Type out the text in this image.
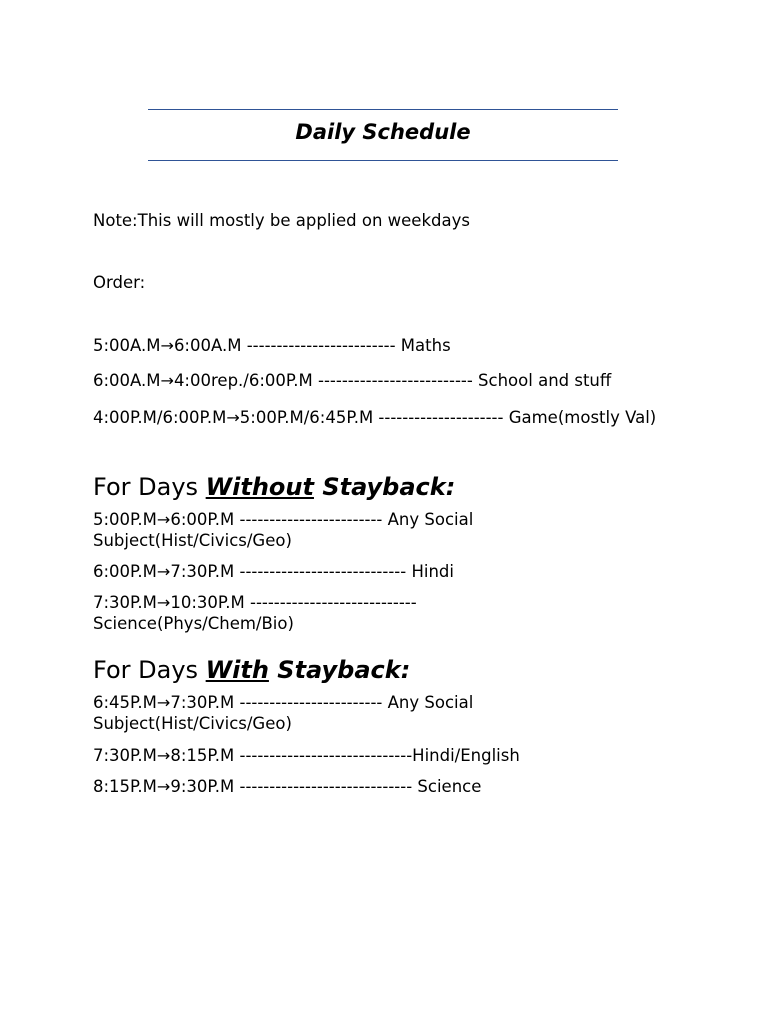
Daily Schedule
Note:This will mostly be applied on weekdays
Order:
5:00A.M→6:00A.M ------------------------- Maths
6:00A.M→4:00rep./6:00P.M -------------------------- School and stuff
4:00P.M/6:00P.M→5:00P.M/6:45P.M --------------------- Game(mostly Val)
For Days Without Stayback:
5:00P.M→6:00P.M ------------------------ Any Social Subject(Hist/Civics/Geo)
6:00P.M→7:30P.M ---------------------------- Hindi
7:30P.M→10:30P.M ---------------------------- Science(Phys/Chem/Bio)
For Days With Stayback:
6:45P.M→7:30P.M ------------------------ Any Social Subject(Hist/Civics/Geo)
7:30P.M→8:15P.M -----------------------------Hindi/English
8:15P.M→9:30P.M ----------------------------- Science
